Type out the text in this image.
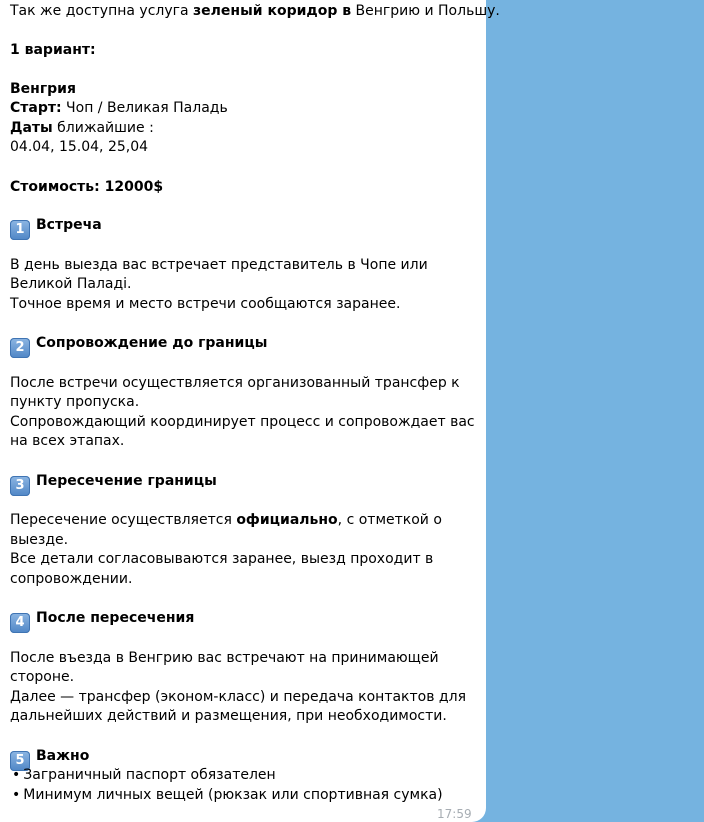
Так же доступна услуга зеленый коридор в Венгрию и Польшу.
1 вариант:
Венгрия
Старт: Чоп / Великая Паладь
Даты ближайшие :
04.04, 15.04, 25,04
Стоимость: 12000$
1 Встреча
В день выезда вас встречает представитель в Чопе или
Великой Паладі.
Точное время и место встречи сообщаются заранее.
2 Сопровождение до границы
После встречи осуществляется организованный трансфер к
пункту пропуска.
Сопровождающий координирует процесс и сопровождает вас
на всех этапах.
3 Пересечение границы
Пересечение осуществляется официально, с отметкой о
выезде.
Все детали согласовываются заранее, выезд проходит в
сопровождении.
4 После пересечения
После въезда в Венгрию вас встречают на принимающей
стороне.
Далее — трансфер (эконом-класс) и передача контактов для
дальнейших действий и размещения, при необходимости.
5 Важно
• Заграничный паспорт обязателен
• Минимум личных вещей (рюкзак или спортивная сумка)
17:59
